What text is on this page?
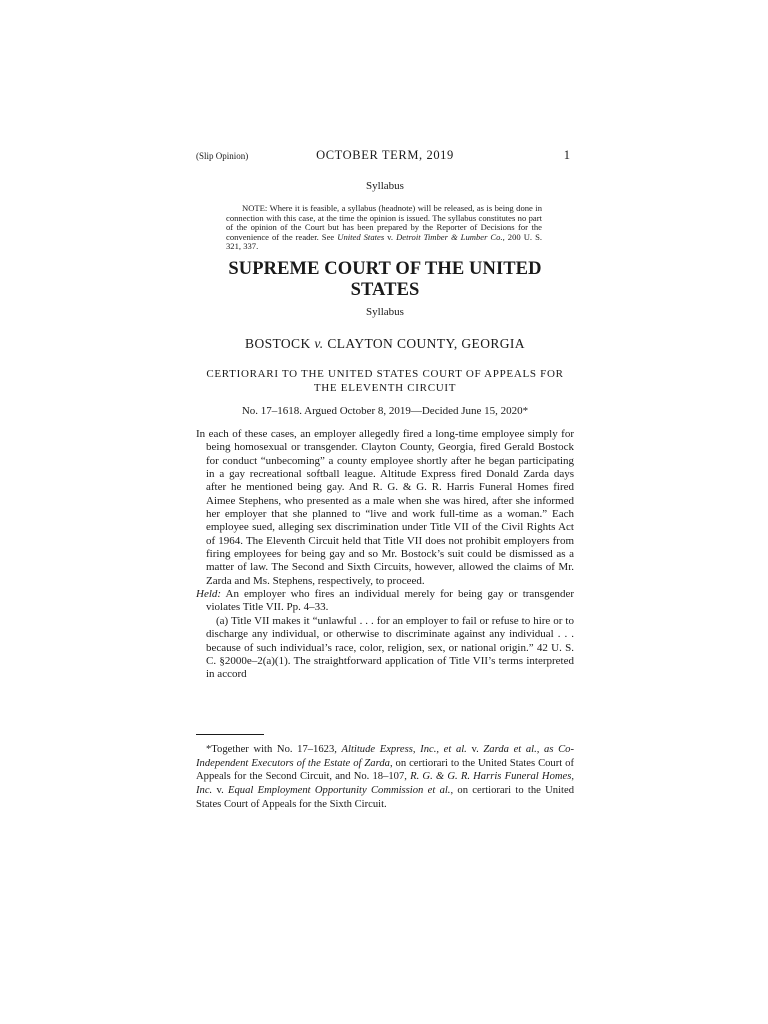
(Slip Opinion)	OCTOBER TERM, 2019	1
Syllabus

NOTE: Where it is feasible, a syllabus (headnote) will be released, as is being done in connection with this case, at the time the opinion is issued. The syllabus constitutes no part of the opinion of the Court but has been prepared by the Reporter of Decisions for the convenience of the reader. See United States v. Detroit Timber & Lumber Co., 200 U. S. 321, 337.

SUPREME COURT OF THE UNITED STATES
Syllabus
BOSTOCK v. CLAYTON COUNTY, GEORGIA
CERTIORARI TO THE UNITED STATES COURT OF APPEALS FOR
THE ELEVENTH CIRCUIT
No. 17–1618. Argued October 8, 2019—Decided June 15, 2020*

In each of these cases, an employer allegedly fired a long-time employee simply for being homosexual or transgender. Clayton County, Georgia, fired Gerald Bostock for conduct “unbecoming” a county employee shortly after he began participating in a gay recreational softball league. Altitude Express fired Donald Zarda days after he mentioned being gay. And R. G. & G. R. Harris Funeral Homes fired Aimee Stephens, who presented as a male when she was hired, after she informed her employer that she planned to “live and work full-time as a woman.” Each employee sued, alleging sex discrimination under Title VII of the Civil Rights Act of 1964. The Eleventh Circuit held that Title VII does not prohibit employers from firing employees for being gay and so Mr. Bostock’s suit could be dismissed as a matter of law. The Second and Sixth Circuits, however, allowed the claims of Mr. Zarda and Ms. Stephens, respectively, to proceed.

Held: An employer who fires an individual merely for being gay or transgender violates Title VII. Pp. 4–33.

(a) Title VII makes it “unlawful . . . for an employer to fail or refuse to hire or to discharge any individual, or otherwise to discriminate against any individual . . . because of such individual’s race, color, religion, sex, or national origin.” 42 U. S. C. §2000e–2(a)(1). The straightforward application of Title VII’s terms interpreted in accord

*Together with No. 17–1623, Altitude Express, Inc., et al. v. Zarda et al., as Co-Independent Executors of the Estate of Zarda, on certiorari to the United States Court of Appeals for the Second Circuit, and No. 18–107, R. G. & G. R. Harris Funeral Homes, Inc. v. Equal Employment Opportunity Commission et al., on certiorari to the United States Court of Appeals for the Sixth Circuit.
